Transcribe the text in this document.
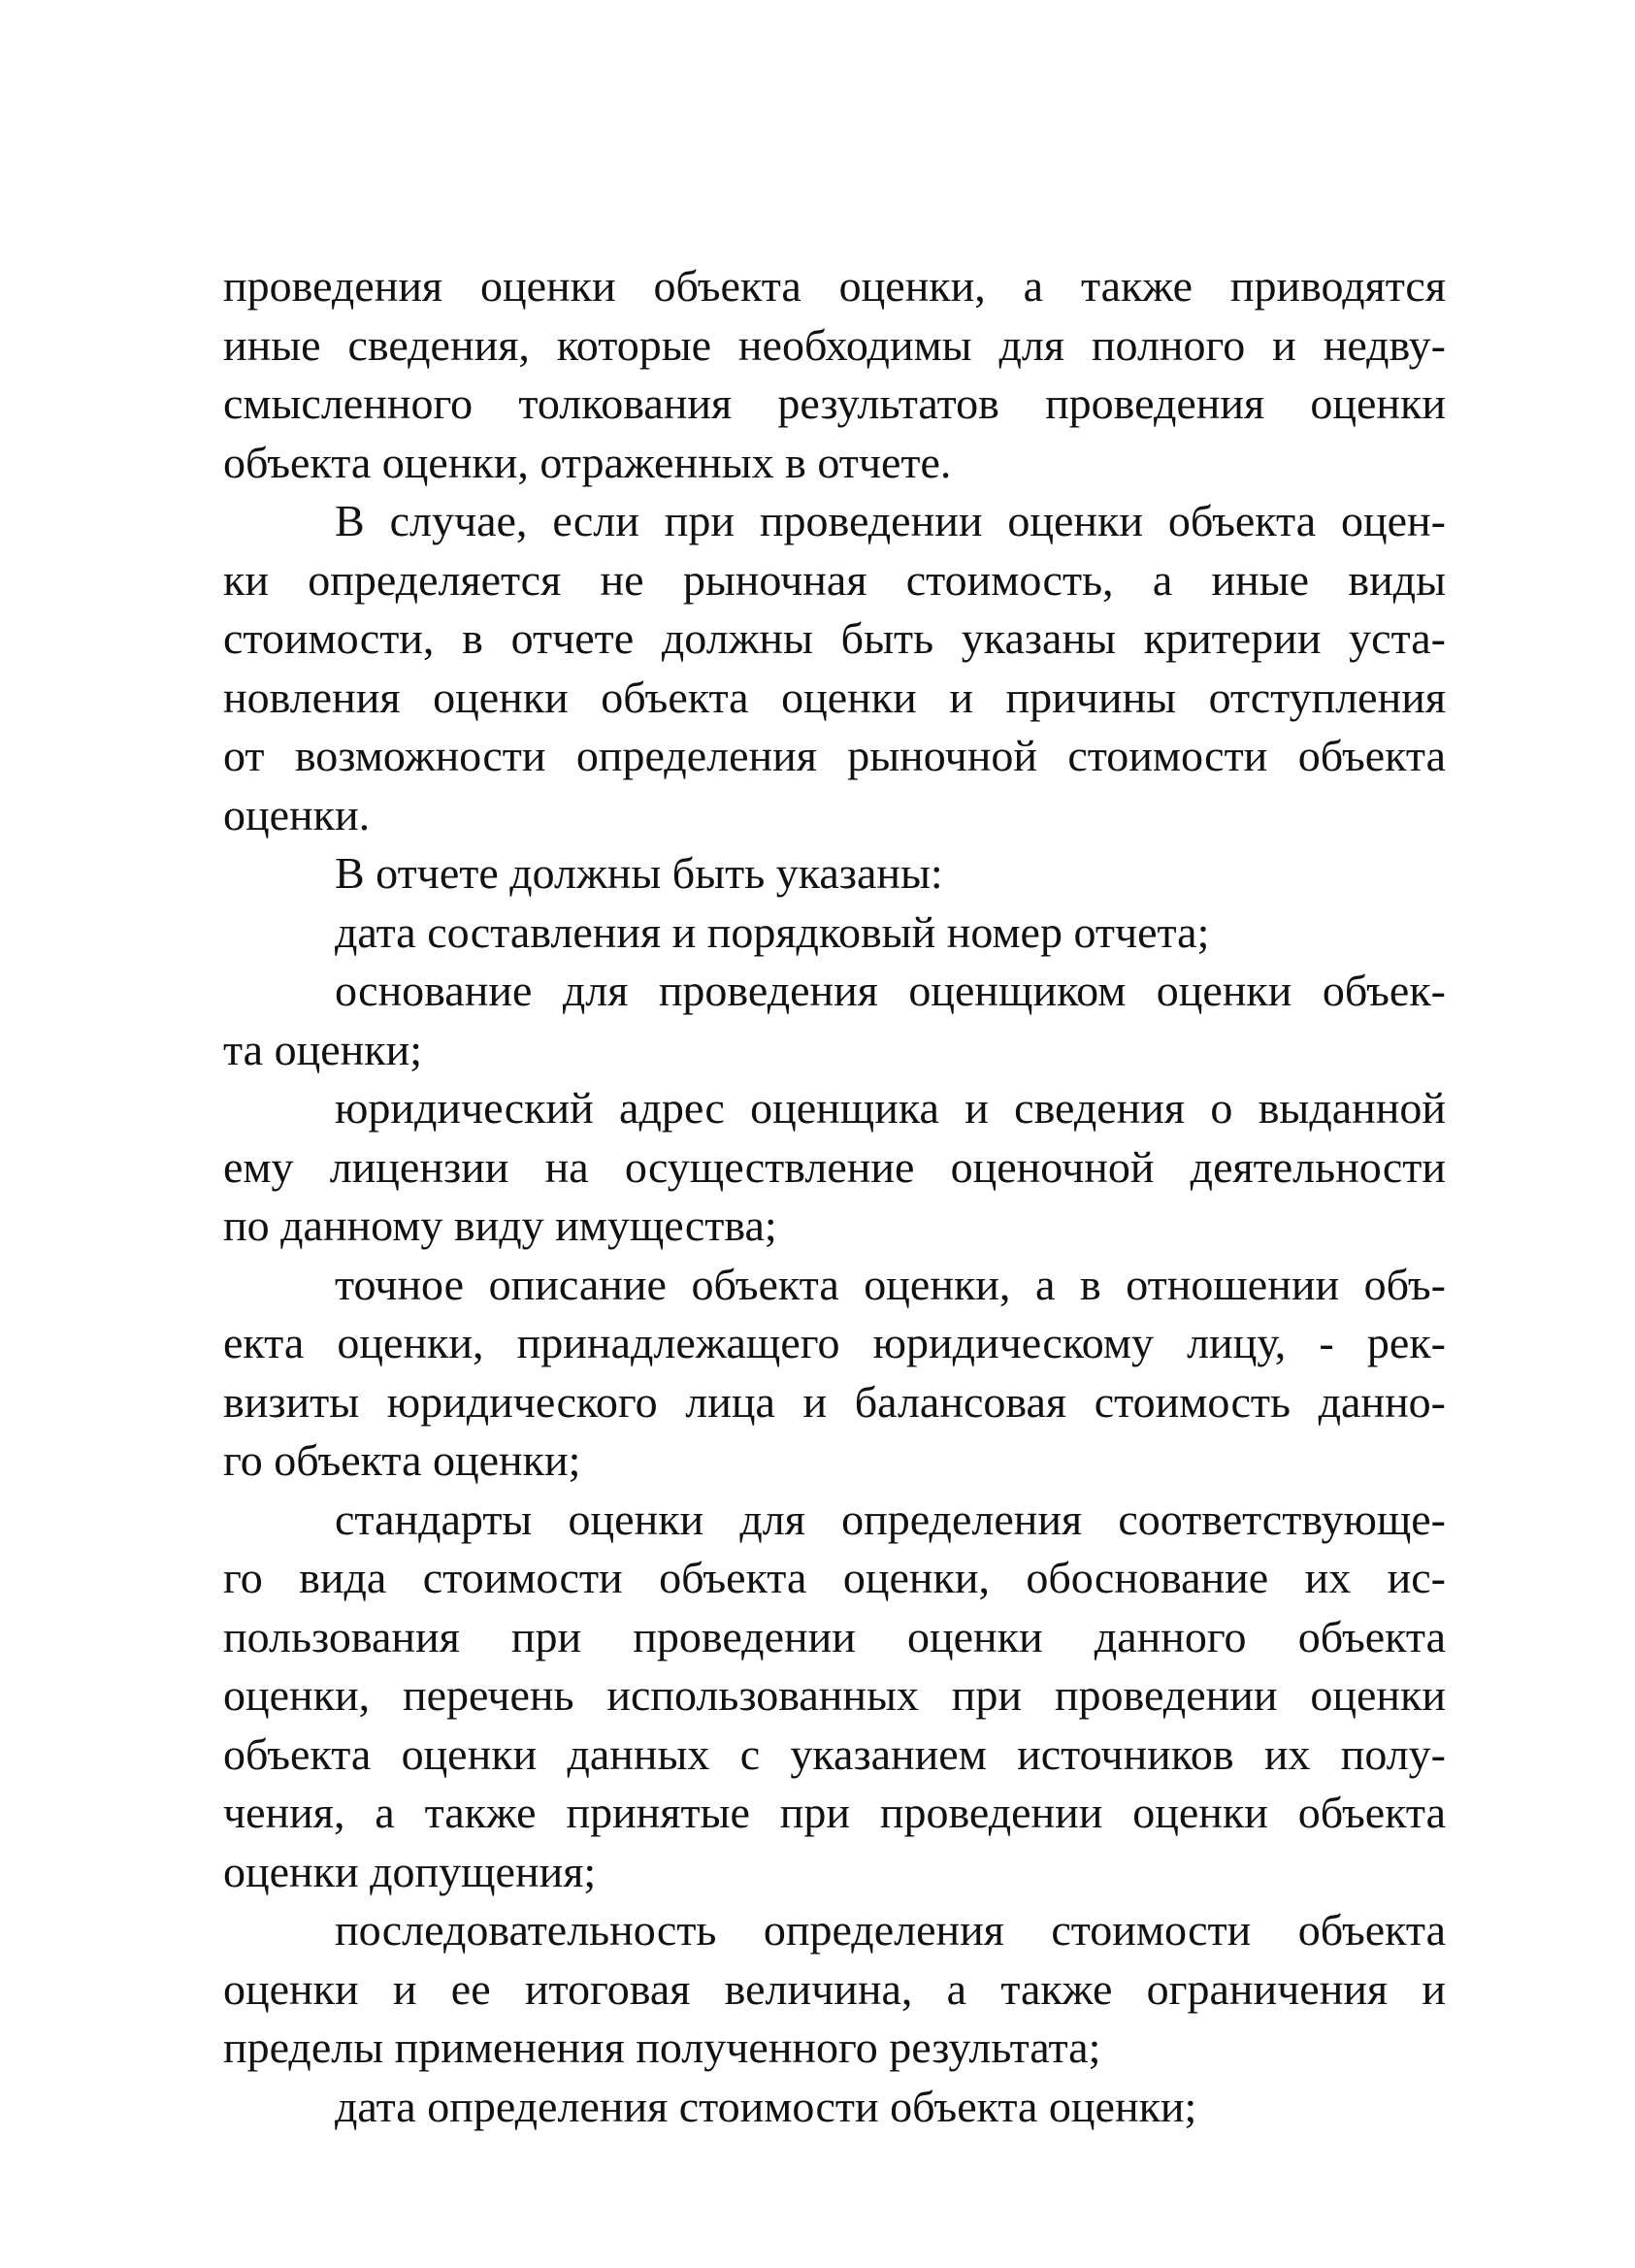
проведения оценки объекта оценки, а также приводятся
иные сведения, которые необходимы для полного и недву-
смысленного толкования результатов проведения оценки
объекта оценки, отраженных в отчете.
В случае, если при проведении оценки объекта оцен-
ки определяется не рыночная стоимость, а иные виды
стоимости, в отчете должны быть указаны критерии уста-
новления оценки объекта оценки и причины отступления
от возможности определения рыночной стоимости объекта
оценки.
В отчете должны быть указаны:
дата составления и порядковый номер отчета;
основание для проведения оценщиком оценки объек-
та оценки;
юридический адрес оценщика и сведения о выданной
ему лицензии на осуществление оценочной деятельности
по данному виду имущества;
точное описание объекта оценки, а в отношении объ-
екта оценки, принадлежащего юридическому лицу, - рек-
визиты юридического лица и балансовая стоимость данно-
го объекта оценки;
стандарты оценки для определения соответствующе-
го вида стоимости объекта оценки, обоснование их ис-
пользования при проведении оценки данного объекта
оценки, перечень использованных при проведении оценки
объекта оценки данных с указанием источников их полу-
чения, а также принятые при проведении оценки объекта
оценки допущения;
последовательность определения стоимости объекта
оценки и ее итоговая величина, а также ограничения и
пределы применения полученного результата;
дата определения стоимости объекта оценки;
